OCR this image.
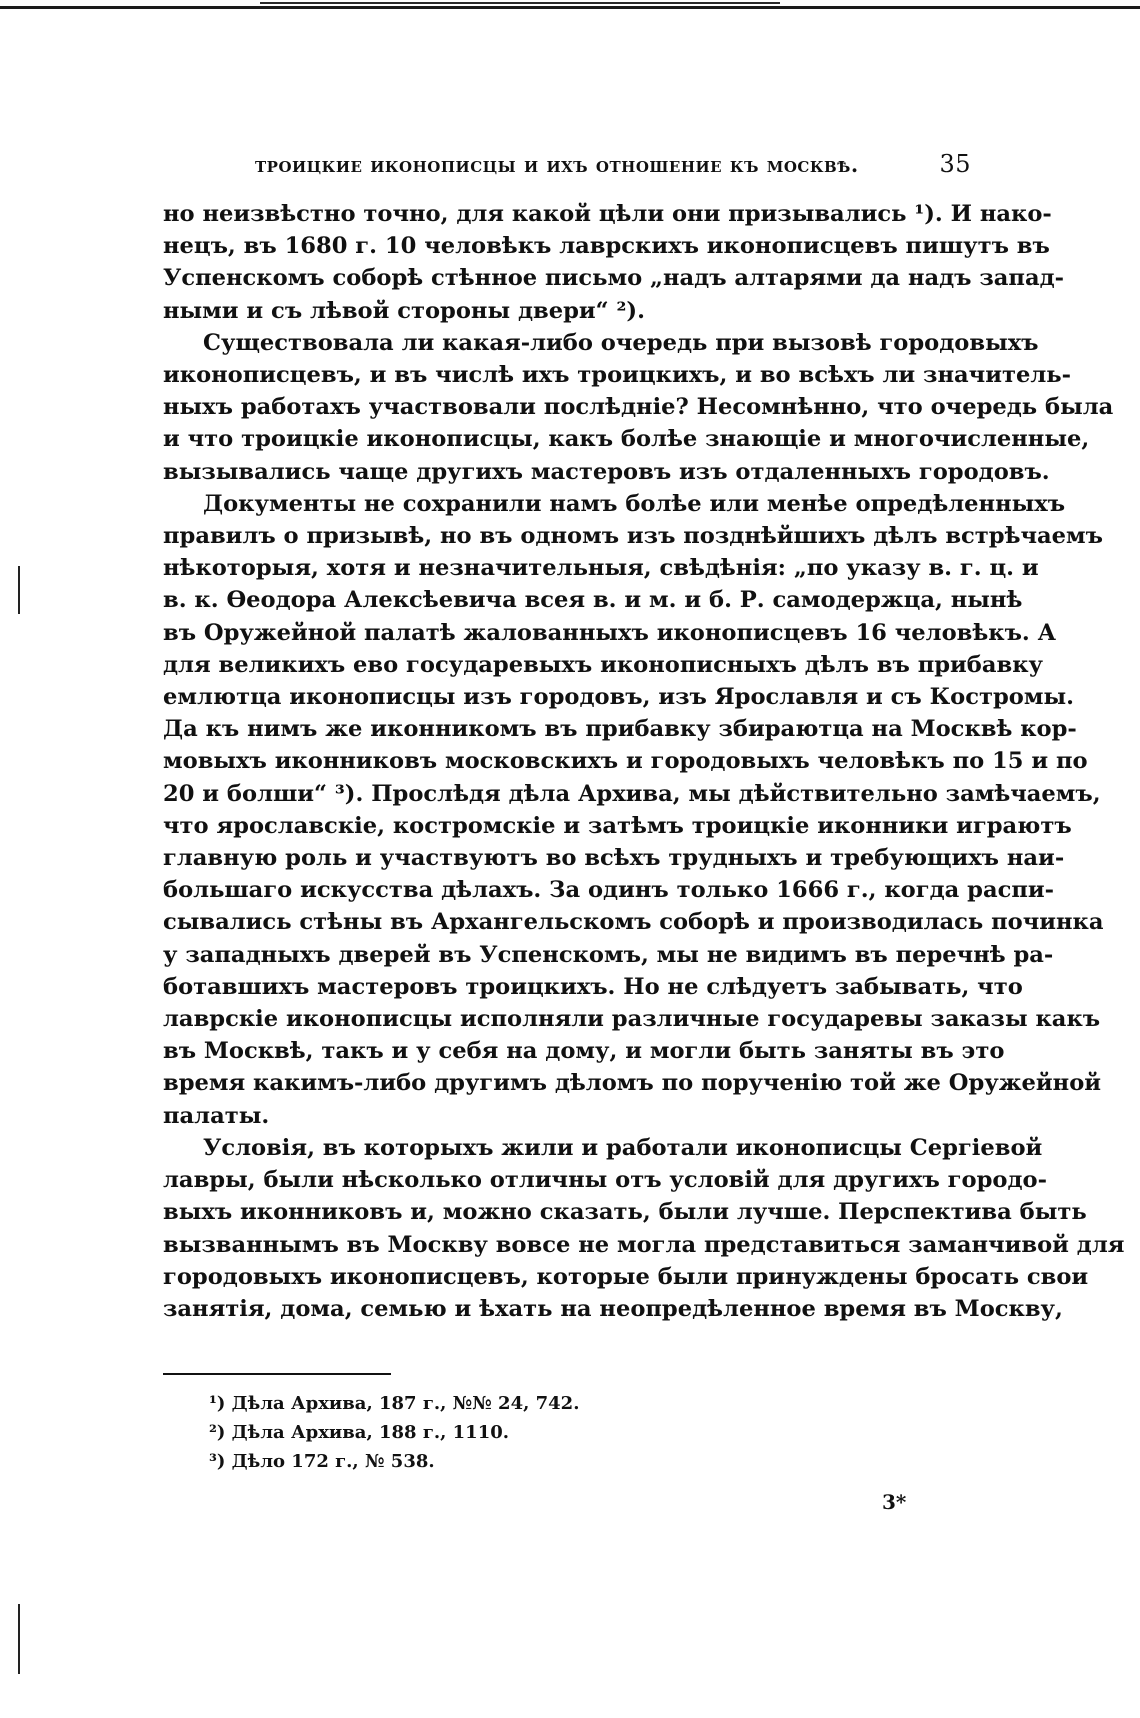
троицкие иконописцы и ихъ отношение къ москвѣ.	35

но неизвѣстно точно, для какой цѣли они призывались ¹). И нако-
нецъ, въ 1680 г. 10 человѣкъ лаврскихъ иконописцевъ пишутъ въ
Успенскомъ соборѣ стѣнное письмо „надъ алтарями да надъ запад-
ными и съ лѣвой стороны двери“ ²).

Существовала ли какая-либо очередь при вызовѣ городовыхъ
иконописцевъ, и въ числѣ ихъ троицкихъ, и во всѣхъ ли значитель-
ныхъ работахъ участвовали послѣдніе? Несомнѣнно, что очередь была
и что троицкіе иконописцы, какъ болѣе знающіе и многочисленные,
вызывались чаще другихъ мастеровъ изъ отдаленныхъ городовъ.

Документы не сохранили намъ болѣе или менѣе опредѣленныхъ
правилъ о призывѣ, но въ одномъ изъ позднѣйшихъ дѣлъ встрѣчаемъ
нѣкоторыя, хотя и незначительныя, свѣдѣнія: „по указу в. г. ц. и
в. к. Ѳеодора Алексѣевича всея в. и м. и б. Р. самодержца, нынѣ
въ Оружейной палатѣ жалованныхъ иконописцевъ 16 человѣкъ. А
для великихъ ево государевыхъ иконописныхъ дѣлъ въ прибавку
емлютца иконописцы изъ городовъ, изъ Ярославля и съ Костромы.
Да къ нимъ же иконникомъ въ прибавку збираютца на Москвѣ кор-
мовыхъ иконниковъ московскихъ и городовыхъ человѣкъ по 15 и по
20 и болши“ ³). Прослѣдя дѣла Архива, мы дѣйствительно замѣчаемъ,
что ярославскіе, костромскіе и затѣмъ троицкіе иконники играютъ
главную роль и участвуютъ во всѣхъ трудныхъ и требующихъ наи-
большаго искусства дѣлахъ. За одинъ только 1666 г., когда распи-
сывались стѣны въ Архангельскомъ соборѣ и производилась починка
у западныхъ дверей въ Успенскомъ, мы не видимъ въ перечнѣ ра-
ботавшихъ мастеровъ троицкихъ. Но не слѣдуетъ забывать, что
лаврскіе иконописцы исполняли различные государевы заказы какъ
въ Москвѣ, такъ и у себя на дому, и могли быть заняты въ это
время какимъ-либо другимъ дѣломъ по порученію той же Оружейной
палаты.

Условія, въ которыхъ жили и работали иконописцы Сергіевой
лавры, были нѣсколько отличны отъ условій для другихъ городо-
выхъ иконниковъ и, можно сказать, были лучше. Перспектива быть
вызваннымъ въ Москву вовсе не могла представиться заманчивой для
городовыхъ иконописцевъ, которые были принуждены бросать свои
занятія, дома, семью и ѣхать на неопредѣленное время въ Москву,

¹) Дѣла Архива, 187 г., №№ 24, 742.
²) Дѣла Архива, 188 г., 1110.
³) Дѣло 172 г., № 538.
3*
